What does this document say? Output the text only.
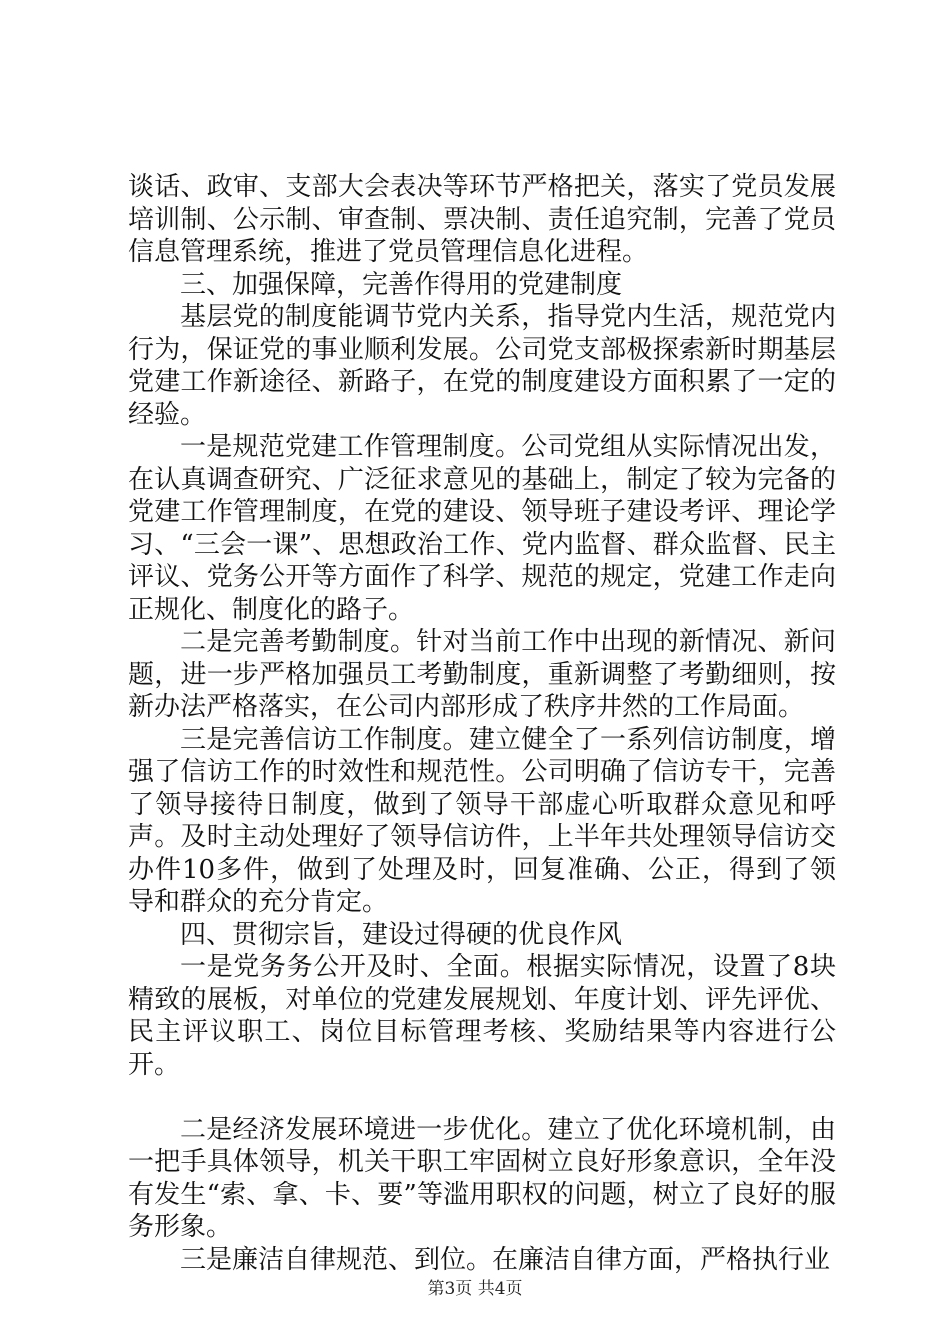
谈话、政审、支部大会表决等环节严格把关，落实了党员发展培训制、公示制、审查制、票决制、责任追究制，完善了党员信息管理系统，推进了党员管理信息化进程。

三、加强保障，完善作得用的党建制度

基层党的制度能调节党内关系，指导党内生活，规范党内行为，保证党的事业顺利发展。公司党支部极探索新时期基层党建工作新途径、新路子，在党的制度建设方面积累了一定的经验。

一是规范党建工作管理制度。公司党组从实际情况出发，在认真调查研究、广泛征求意见的基础上，制定了较为完备的党建工作管理制度，在党的建设、领导班子建设考评、理论学习、“三会一课”、思想政治工作、党内监督、群众监督、民主评议、党务公开等方面作了科学、规范的规定，党建工作走向正规化、制度化的路子。

二是完善考勤制度。针对当前工作中出现的新情况、新问题，进一步严格加强员工考勤制度，重新调整了考勤细则，按新办法严格落实，在公司内部形成了秩序井然的工作局面。

三是完善信访工作制度。建立健全了一系列信访制度，增强了信访工作的时效性和规范性。公司明确了信访专干，完善了领导接待日制度，做到了领导干部虚心听取群众意见和呼声。及时主动处理好了领导信访件，上半年共处理领导信访交办件10多件，做到了处理及时，回复准确、公正，得到了领导和群众的充分肯定。

四、贯彻宗旨，建设过得硬的优良作风

一是党务务公开及时、全面。根据实际情况，设置了8块精致的展板，对单位的党建发展规划、年度计划、评先评优、民主评议职工、岗位目标管理考核、奖励结果等内容进行公开。

二是经济发展环境进一步优化。建立了优化环境机制，由一把手具体领导，机关干职工牢固树立良好形象意识，全年没有发生“索、拿、卡、要”等滥用职权的问题，树立了良好的服务形象。

三是廉洁自律规范、到位。在廉洁自律方面，严格执行业

第3页 共4页
